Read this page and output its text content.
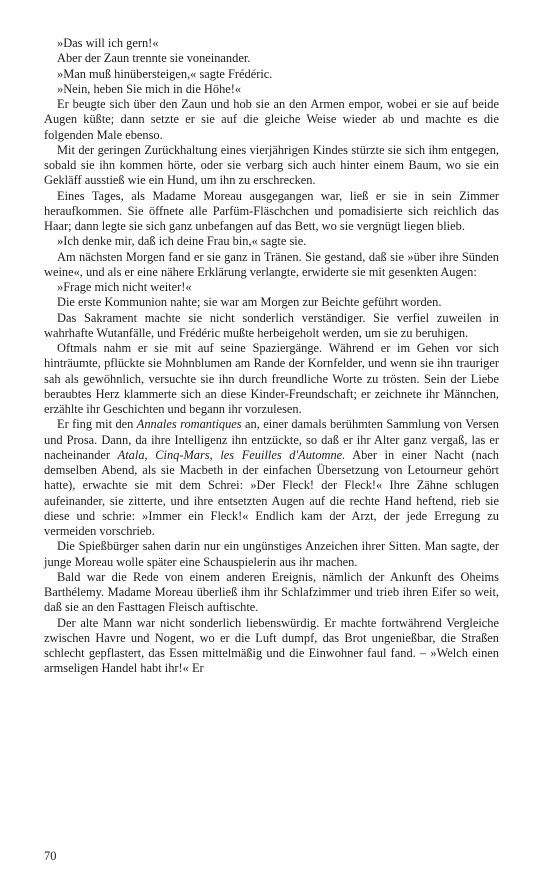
»Das will ich gern!«

Aber der Zaun trennte sie voneinander.

»Man muß hinübersteigen,« sagte Frédéric.

»Nein, heben Sie mich in die Höhe!«

Er beugte sich über den Zaun und hob sie an den Armen empor, wobei er sie auf beide Augen küßte; dann setzte er sie auf die gleiche Weise wieder ab und machte es die folgenden Male ebenso.

Mit der geringen Zurückhaltung eines vierjährigen Kindes stürzte sie sich ihm entgegen, sobald sie ihn kommen hörte, oder sie verbarg sich auch hinter einem Baum, wo sie ein Gekläff ausstieß wie ein Hund, um ihn zu erschrecken.

Eines Tages, als Madame Moreau ausgegangen war, ließ er sie in sein Zimmer heraufkommen. Sie öffnete alle Parfüm-Fläschchen und pomadisierte sich reichlich das Haar; dann legte sie sich ganz unbefangen auf das Bett, wo sie vergnügt liegen blieb.

»Ich denke mir, daß ich deine Frau bin,« sagte sie.

Am nächsten Morgen fand er sie ganz in Tränen. Sie gestand, daß sie »über ihre Sünden weine«, und als er eine nähere Erklärung verlangte, erwiderte sie mit gesenkten Augen:

»Frage mich nicht weiter!«

Die erste Kommunion nahte; sie war am Morgen zur Beichte geführt worden.

Das Sakrament machte sie nicht sonderlich verständiger. Sie verfiel zuweilen in wahrhafte Wutanfälle, und Frédéric mußte herbeigeholt werden, um sie zu beruhigen.

Oftmals nahm er sie mit auf seine Spaziergänge. Während er im Gehen vor sich hinträumte, pflückte sie Mohnblumen am Rande der Kornfelder, und wenn sie ihn trauriger sah als gewöhnlich, versuchte sie ihn durch freundliche Worte zu trösten. Sein der Liebe beraubtes Herz klammerte sich an diese Kinder-Freundschaft; er zeichnete ihr Männchen, erzählte ihr Geschichten und begann ihr vorzulesen.

Er fing mit den Annales romantiques an, einer damals berühmten Sammlung von Versen und Prosa. Dann, da ihre Intelligenz ihn entzückte, so daß er ihr Alter ganz vergaß, las er nacheinander Atala, Cinq-Mars, les Feuilles d'Automne. Aber in einer Nacht (nach demselben Abend, als sie Macbeth in der einfachen Übersetzung von Letourneur gehört hatte), erwachte sie mit dem Schrei: »Der Fleck! der Fleck!« Ihre Zähne schlugen aufeinander, sie zitterte, und ihre entsetzten Augen auf die rechte Hand heftend, rieb sie diese und schrie: »Immer ein Fleck!« Endlich kam der Arzt, der jede Erregung zu vermeiden vorschrieb.

Die Spießbürger sahen darin nur ein ungünstiges Anzeichen ihrer Sitten. Man sagte, der junge Moreau wolle später eine Schauspielerin aus ihr machen.

Bald war die Rede von einem anderen Ereignis, nämlich der Ankunft des Oheims Barthélemy. Madame Moreau überließ ihm ihr Schlafzimmer und trieb ihren Eifer so weit, daß sie an den Fasttagen Fleisch auftischte.

Der alte Mann war nicht sonderlich liebenswürdig. Er machte fortwährend Vergleiche zwischen Havre und Nogent, wo er die Luft dumpf, das Brot ungenießbar, die Straßen schlecht gepflastert, das Essen mittelmäßig und die Einwohner faul fand. – »Welch einen armseligen Handel habt ihr!« Er

70
